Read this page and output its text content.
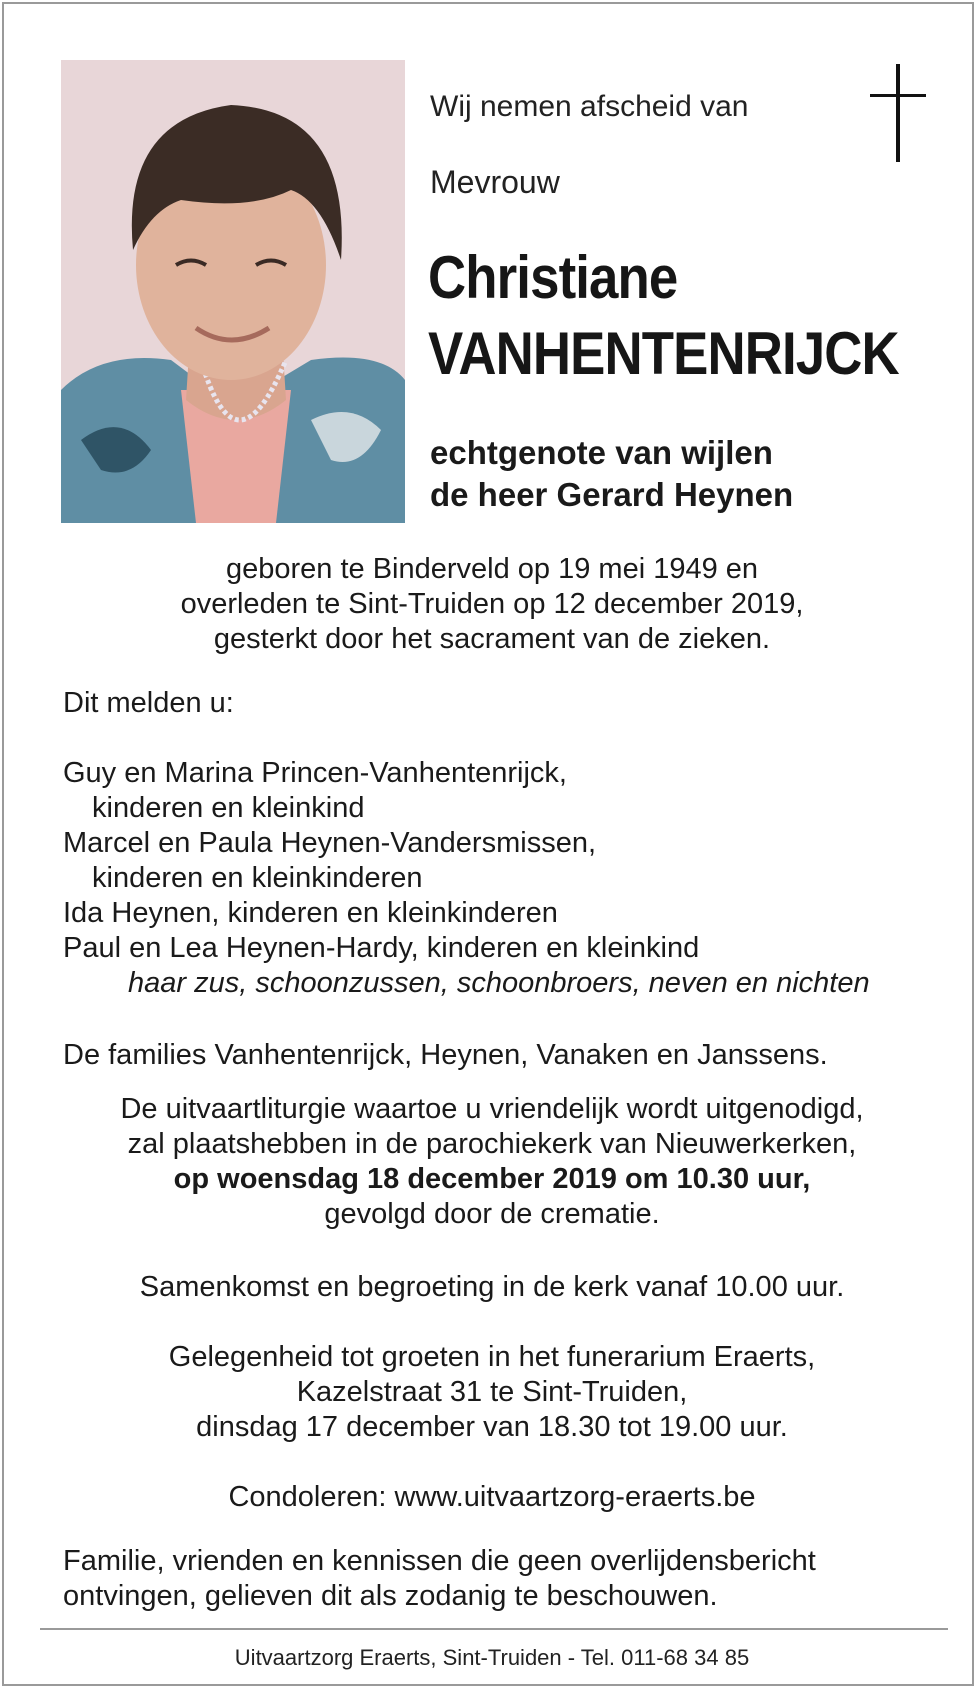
Wij nemen afscheid van
Mevrouw
Christiane
VANHENTENRIJCK
echtgenote van wijlen
de heer Gerard Heynen
geboren te Binderveld op 19 mei 1949 en
overleden te Sint-Truiden op 12 december 2019,
gesterkt door het sacrament van de zieken.
Dit melden u:
Guy en Marina Princen-Vanhentenrijck,
kinderen en kleinkind
Marcel en Paula Heynen-Vandersmissen,
kinderen en kleinkinderen
Ida Heynen, kinderen en kleinkinderen
Paul en Lea Heynen-Hardy, kinderen en kleinkind
haar zus, schoonzussen, schoonbroers, neven en nichten
De families Vanhentenrijck, Heynen, Vanaken en Janssens.
De uitvaartliturgie waartoe u vriendelijk wordt uitgenodigd,
zal plaatshebben in de parochiekerk van Nieuwerkerken,
op woensdag 18 december 2019 om 10.30 uur,
gevolgd door de crematie.
Samenkomst en begroeting in de kerk vanaf 10.00 uur.
Gelegenheid tot groeten in het funerarium Eraerts,
Kazelstraat 31 te Sint-Truiden,
dinsdag 17 december van 18.30 tot 19.00 uur.
Condoleren: www.uitvaartzorg-eraerts.be
Familie, vrienden en kennissen die geen overlijdensbericht
ontvingen, gelieven dit als zodanig te beschouwen.
Uitvaartzorg Eraerts, Sint-Truiden - Tel. 011-68 34 85
